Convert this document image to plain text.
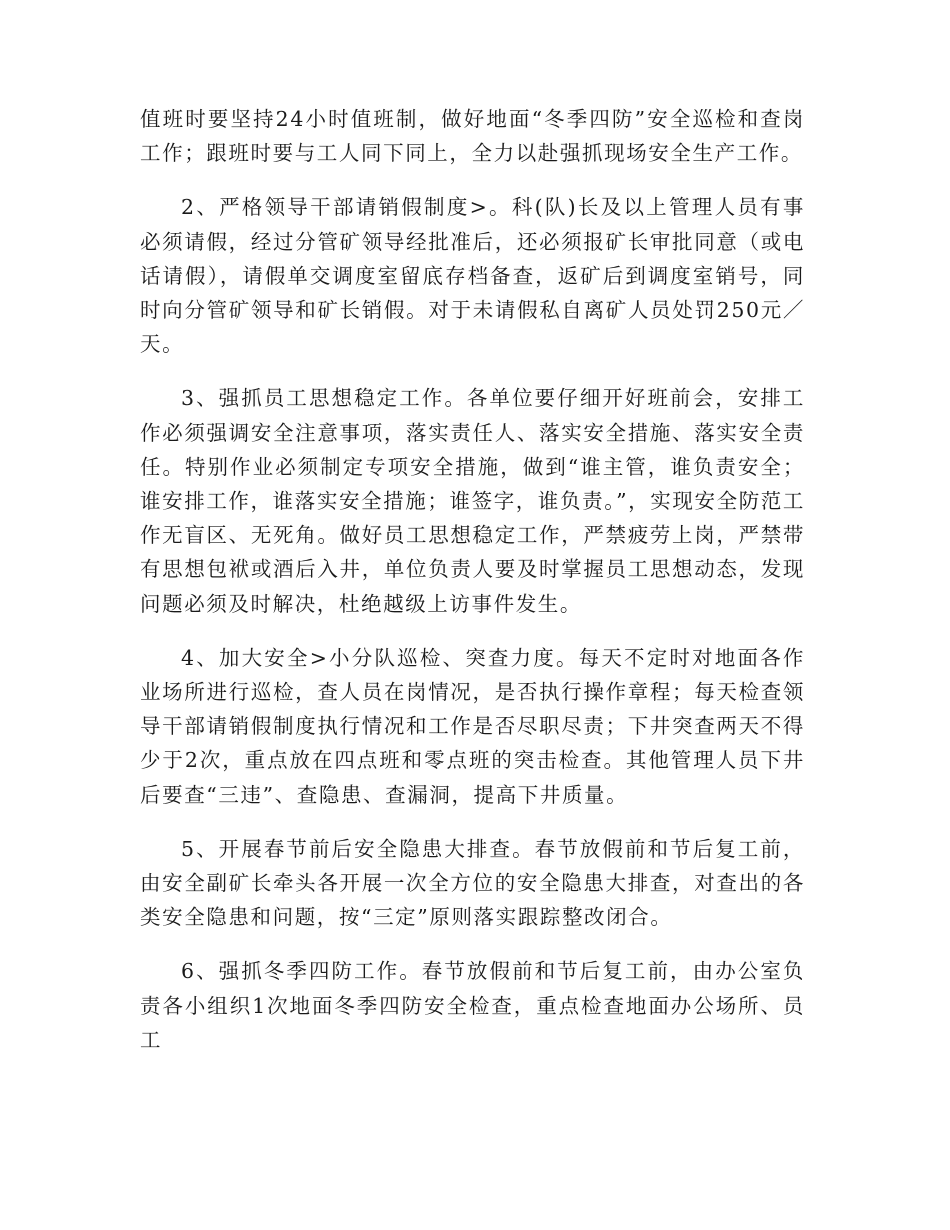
值班时要坚持24小时值班制，做好地面“冬季四防”安全巡检和查岗工作；跟班时要与工人同下同上，全力以赴强抓现场安全生产工作。

2、严格领导干部请销假制度>。科(队)长及以上管理人员有事必须请假，经过分管矿领导经批准后，还必须报矿长审批同意（或电话请假），请假单交调度室留底存档备查，返矿后到调度室销号，同时向分管矿领导和矿长销假。对于未请假私自离矿人员处罚250元／天。

3、强抓员工思想稳定工作。各单位要仔细开好班前会，安排工作必须强调安全注意事项，落实责任人、落实安全措施、落实安全责任。特别作业必须制定专项安全措施，做到“谁主管，谁负责安全；谁安排工作，谁落实安全措施；谁签字，谁负责。”，实现安全防范工作无盲区、无死角。做好员工思想稳定工作，严禁疲劳上岗，严禁带有思想包袱或酒后入井，单位负责人要及时掌握员工思想动态，发现问题必须及时解决，杜绝越级上访事件发生。

4、加大安全>小分队巡检、突查力度。每天不定时对地面各作业场所进行巡检，查人员在岗情况，是否执行操作章程；每天检查领导干部请销假制度执行情况和工作是否尽职尽责；下井突查两天不得少于2次，重点放在四点班和零点班的突击检查。其他管理人员下井后要查“三违”、查隐患、查漏洞，提高下井质量。

5、开展春节前后安全隐患大排查。春节放假前和节后复工前，由安全副矿长牵头各开展一次全方位的安全隐患大排查，对查出的各类安全隐患和问题，按“三定”原则落实跟踪整改闭合。

6、强抓冬季四防工作。春节放假前和节后复工前，由办公室负责各小组织1次地面冬季四防安全检查，重点检查地面办公场所、员工
